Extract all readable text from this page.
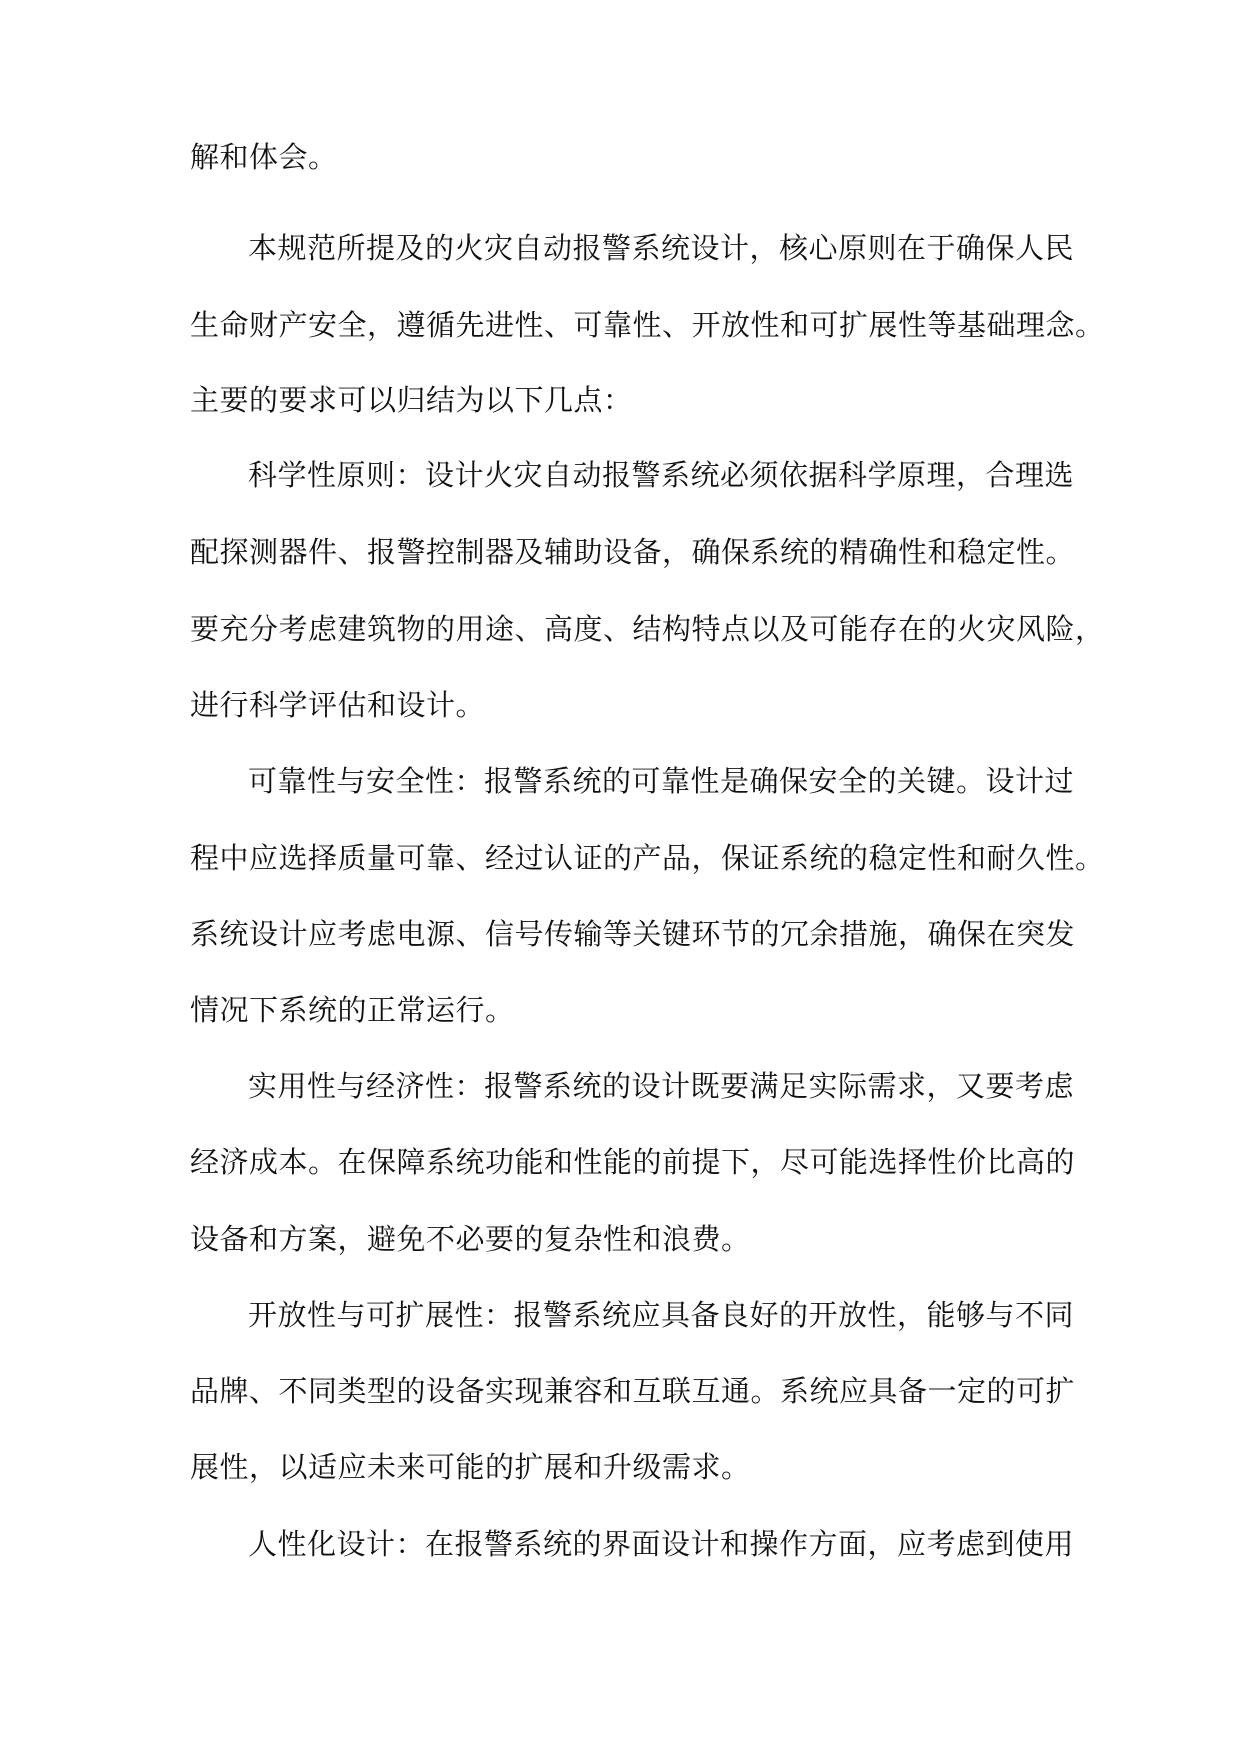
解和体会。
本规范所提及的火灾自动报警系统设计，核心原则在于确保人民
生命财产安全，遵循先进性、可靠性、开放性和可扩展性等基础理念。
主要的要求可以归结为以下几点：
科学性原则：设计火灾自动报警系统必须依据科学原理，合理选
配探测器件、报警控制器及辅助设备，确保系统的精确性和稳定性。
要充分考虑建筑物的用途、高度、结构特点以及可能存在的火灾风险，
进行科学评估和设计。
可靠性与安全性：报警系统的可靠性是确保安全的关键。设计过
程中应选择质量可靠、经过认证的产品，保证系统的稳定性和耐久性。
系统设计应考虑电源、信号传输等关键环节的冗余措施，确保在突发
情况下系统的正常运行。
实用性与经济性：报警系统的设计既要满足实际需求，又要考虑
经济成本。在保障系统功能和性能的前提下，尽可能选择性价比高的
设备和方案，避免不必要的复杂性和浪费。
开放性与可扩展性：报警系统应具备良好的开放性，能够与不同
品牌、不同类型的设备实现兼容和互联互通。系统应具备一定的可扩
展性，以适应未来可能的扩展和升级需求。
人性化设计：在报警系统的界面设计和操作方面，应考虑到使用
